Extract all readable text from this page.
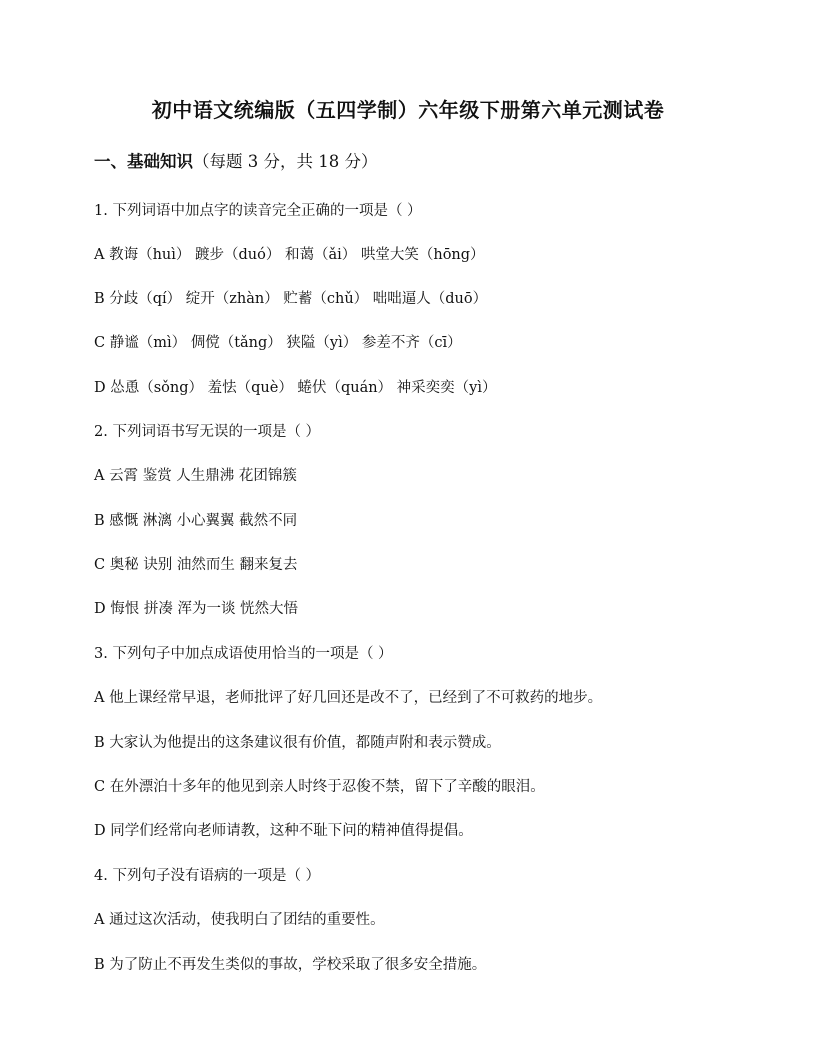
初中语文统编版（五四学制）六年级下册第六单元测试卷
一、基础知识（每题 3 分，共 18 分）
1. 下列词语中加点字的读音完全正确的一项是（ ）
A 教诲（huì） 踱步（duó） 和蔼（ǎi） 哄堂大笑（hōng）
B 分歧（qí） 绽开（zhàn） 贮蓄（chǔ） 咄咄逼人（duō）
C 静谧（mì） 倜傥（tǎng） 狭隘（yì） 参差不齐（cī）
D 怂恿（sǒng） 羞怯（què） 蜷伏（quán） 神采奕奕（yì）
2. 下列词语书写无误的一项是（ ）
A 云霄 鉴赏 人生鼎沸 花团锦簇
B 感慨 淋漓 小心翼翼 截然不同
C 奥秘 诀别 油然而生 翻来复去
D 悔恨 拼凑 浑为一谈 恍然大悟
3. 下列句子中加点成语使用恰当的一项是（ ）
A 他上课经常早退，老师批评了好几回还是改不了，已经到了不可救药的地步。
B 大家认为他提出的这条建议很有价值，都随声附和表示赞成。
C 在外漂泊十多年的他见到亲人时终于忍俊不禁，留下了辛酸的眼泪。
D 同学们经常向老师请教，这种不耻下问的精神值得提倡。
4. 下列句子没有语病的一项是（ ）
A 通过这次活动，使我明白了团结的重要性。
B 为了防止不再发生类似的事故，学校采取了很多安全措施。
